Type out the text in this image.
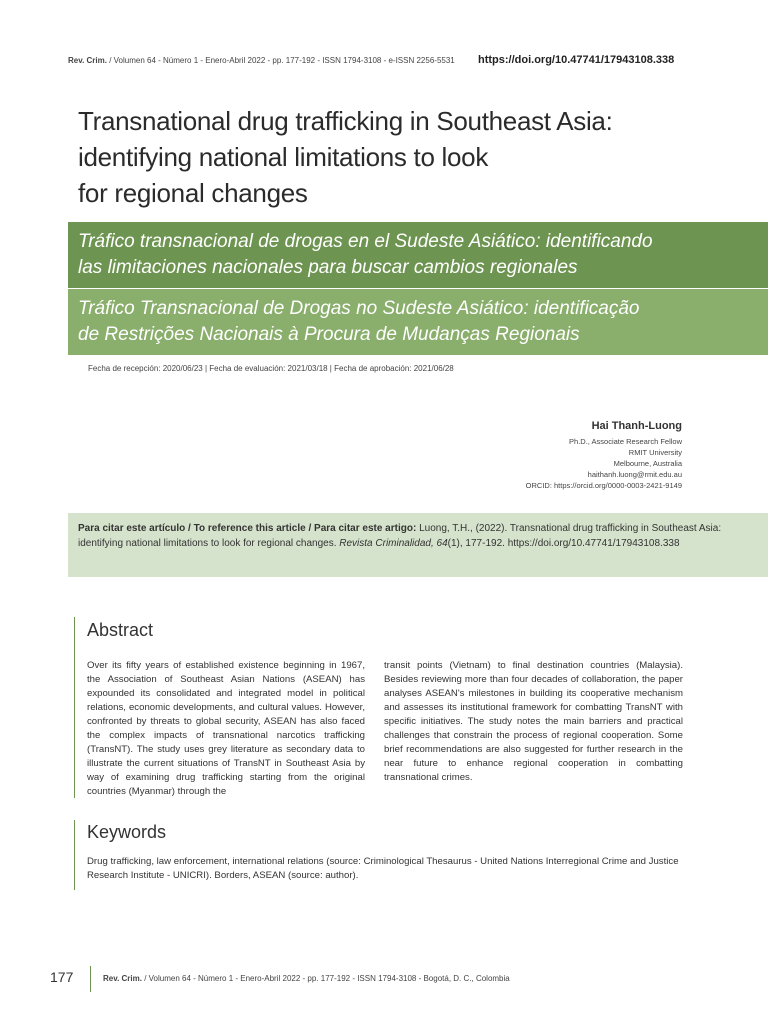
Rev. Crim. / Volumen 64 - Número 1 - Enero-Abril 2022 - pp. 177-192 - ISSN 1794-3108 - e-ISSN 2256-5531 https://doi.org/10.47741/17943108.338
Transnational drug trafficking in Southeast Asia:
identifying national limitations to look
for regional changes
Tráfico transnacional de drogas en el Sudeste Asiático: identificando
las limitaciones nacionales para buscar cambios regionales
Tráfico Transnacional de Drogas no Sudeste Asiático: identificação
de Restrições Nacionais à Procura de Mudanças Regionais
Fecha de recepción: 2020/06/23 | Fecha de evaluación: 2021/03/18 | Fecha de aprobación: 2021/06/28
Hai Thanh-Luong
Ph.D., Associate Research Fellow
RMIT University
Melbourne, Australia
haithanh.luong@rmit.edu.au
ORCID: https://orcid.org/0000-0003-2421-9149
Para citar este artículo / To reference this article / Para citar este artigo: Luong, T.H., (2022). Transnational drug trafficking in Southeast Asia: identifying national limitations to look for regional changes. Revista Criminalidad, 64(1), 177-192. https://doi.org/10.47741/17943108.338
Abstract
Over its fifty years of established existence beginning in 1967, the Association of Southeast Asian Nations (ASEAN) has expounded its consolidated and integrated model in political relations, economic developments, and cultural values. However, confronted by threats to global security, ASEAN has also faced the complex impacts of transnational narcotics trafficking (TransNT). The study uses grey literature as secondary data to illustrate the current situations of TransNT in Southeast Asia by way of examining drug trafficking starting from the original countries (Myanmar) through the
transit points (Vietnam) to final destination countries (Malaysia). Besides reviewing more than four decades of collaboration, the paper analyses ASEAN's milestones in building its cooperative mechanism and assesses its institutional framework for combatting TransNT with specific initiatives. The study notes the main barriers and practical challenges that constrain the process of regional cooperation. Some brief recommendations are also suggested for further research in the near future to enhance regional cooperation in combatting transnational crimes.
Keywords
Drug trafficking, law enforcement, international relations (source: Criminological Thesaurus - United Nations Interregional Crime and Justice Research Institute - UNICRI). Borders, ASEAN (source: author).
177	Rev. Crim. / Volumen 64 - Número 1 - Enero-Abril 2022 - pp. 177-192 - ISSN 1794-3108 - Bogotá, D. C., Colombia
